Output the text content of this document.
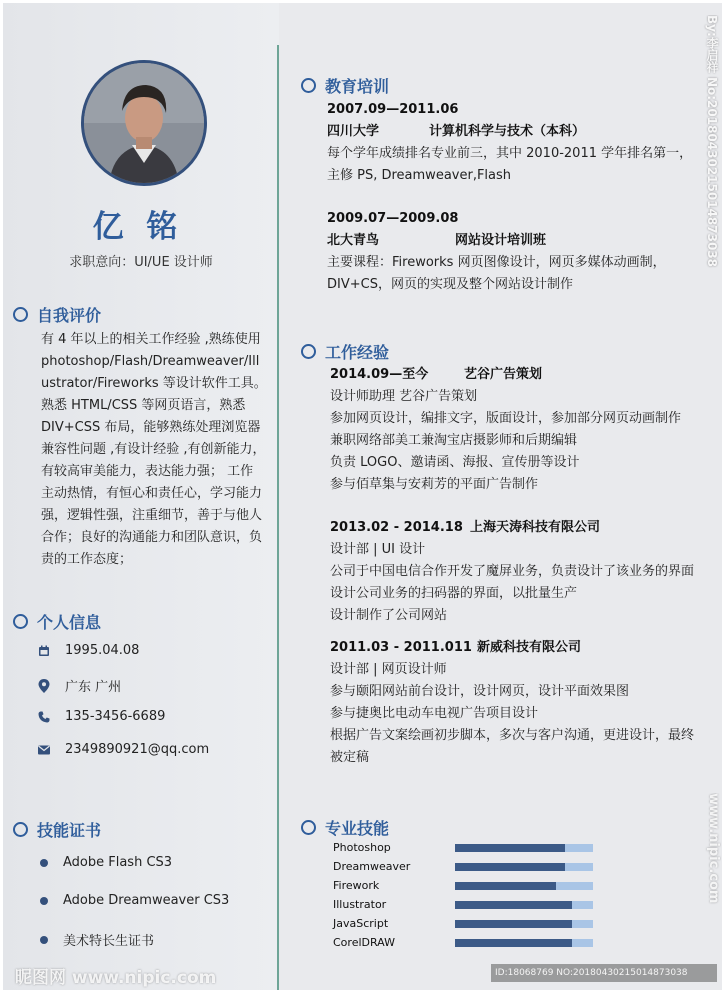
亿 铭
求职意向：UI/UE 设计师
自我评价
有 4 年以上的相关工作经验 ,熟练使用
photoshop/Flash/Dreamweaver/Ill
ustrator/Fireworks 等设计软件工具。
熟悉 HTML/CSS 等网页语言，熟悉
DIV+CSS 布局，能够熟练处理浏览器
兼容性问题 ,有设计经验 ,有创新能力，
有较高审美能力，表达能力强； 工作
主动热情，有恒心和责任心，学习能力
强，逻辑性强，注重细节，善于与他人
合作；良好的沟通能力和团队意识，负
责的工作态度；
个人信息
1995.04.08
广东 广州
135-3456-6689
2349890921@qq.com
技能证书
Adobe Flash CS3
Adobe Dreamweaver CS3
美术特长生证书
教育培训
2007.09—2011.06
四川大学	计算机科学与技术（本科）
每个学年成绩排名专业前三，其中 2010-2011 学年排名第一，
主修 PS, Dreamweaver,Flash
2009.07—2009.08
北大青鸟	网站设计培训班
主要课程：Fireworks 网页图像设计，网页多媒体动画制，
DIV+CS，网页的实现及整个网站设计制作
工作经验
2014.09—至今	艺谷广告策划
设计师助理 艺谷广告策划
参加网页设计，编排文字，版面设计，参加部分网页动画制作
兼职网络部美工兼淘宝店摄影师和后期编辑
负责 LOGO、邀请函、海报、宣传册等设计
参与佰草集与安莉芳的平面广告制作
2013.02 - 2014.18 上海天涛科技有限公司
设计部 | UI 设计
公司于中国电信合作开发了魔屏业务，负责设计了该业务的界面
设计公司业务的扫码器的界面，以批量生产
设计制作了公司网站
2011.03 - 2011.011 新威科技有限公司
设计部 | 网页设计师
参与颐阳网站前台设计，设计网页，设计平面效果图
参与捷奥比电动车电视广告项目设计
根据广告文案绘画初步脚本，多次与客户沟通，更进设计，最终
被定稿
专业技能
Photoshop
Dreamweaver
Firework
Illustrator
JavaScript
CorelDRAW
昵图网 www.nipic.com	ID:18068769 NO:20180430215014873038
By:李启祥 No:20180430215014873038
www.nipic.com
